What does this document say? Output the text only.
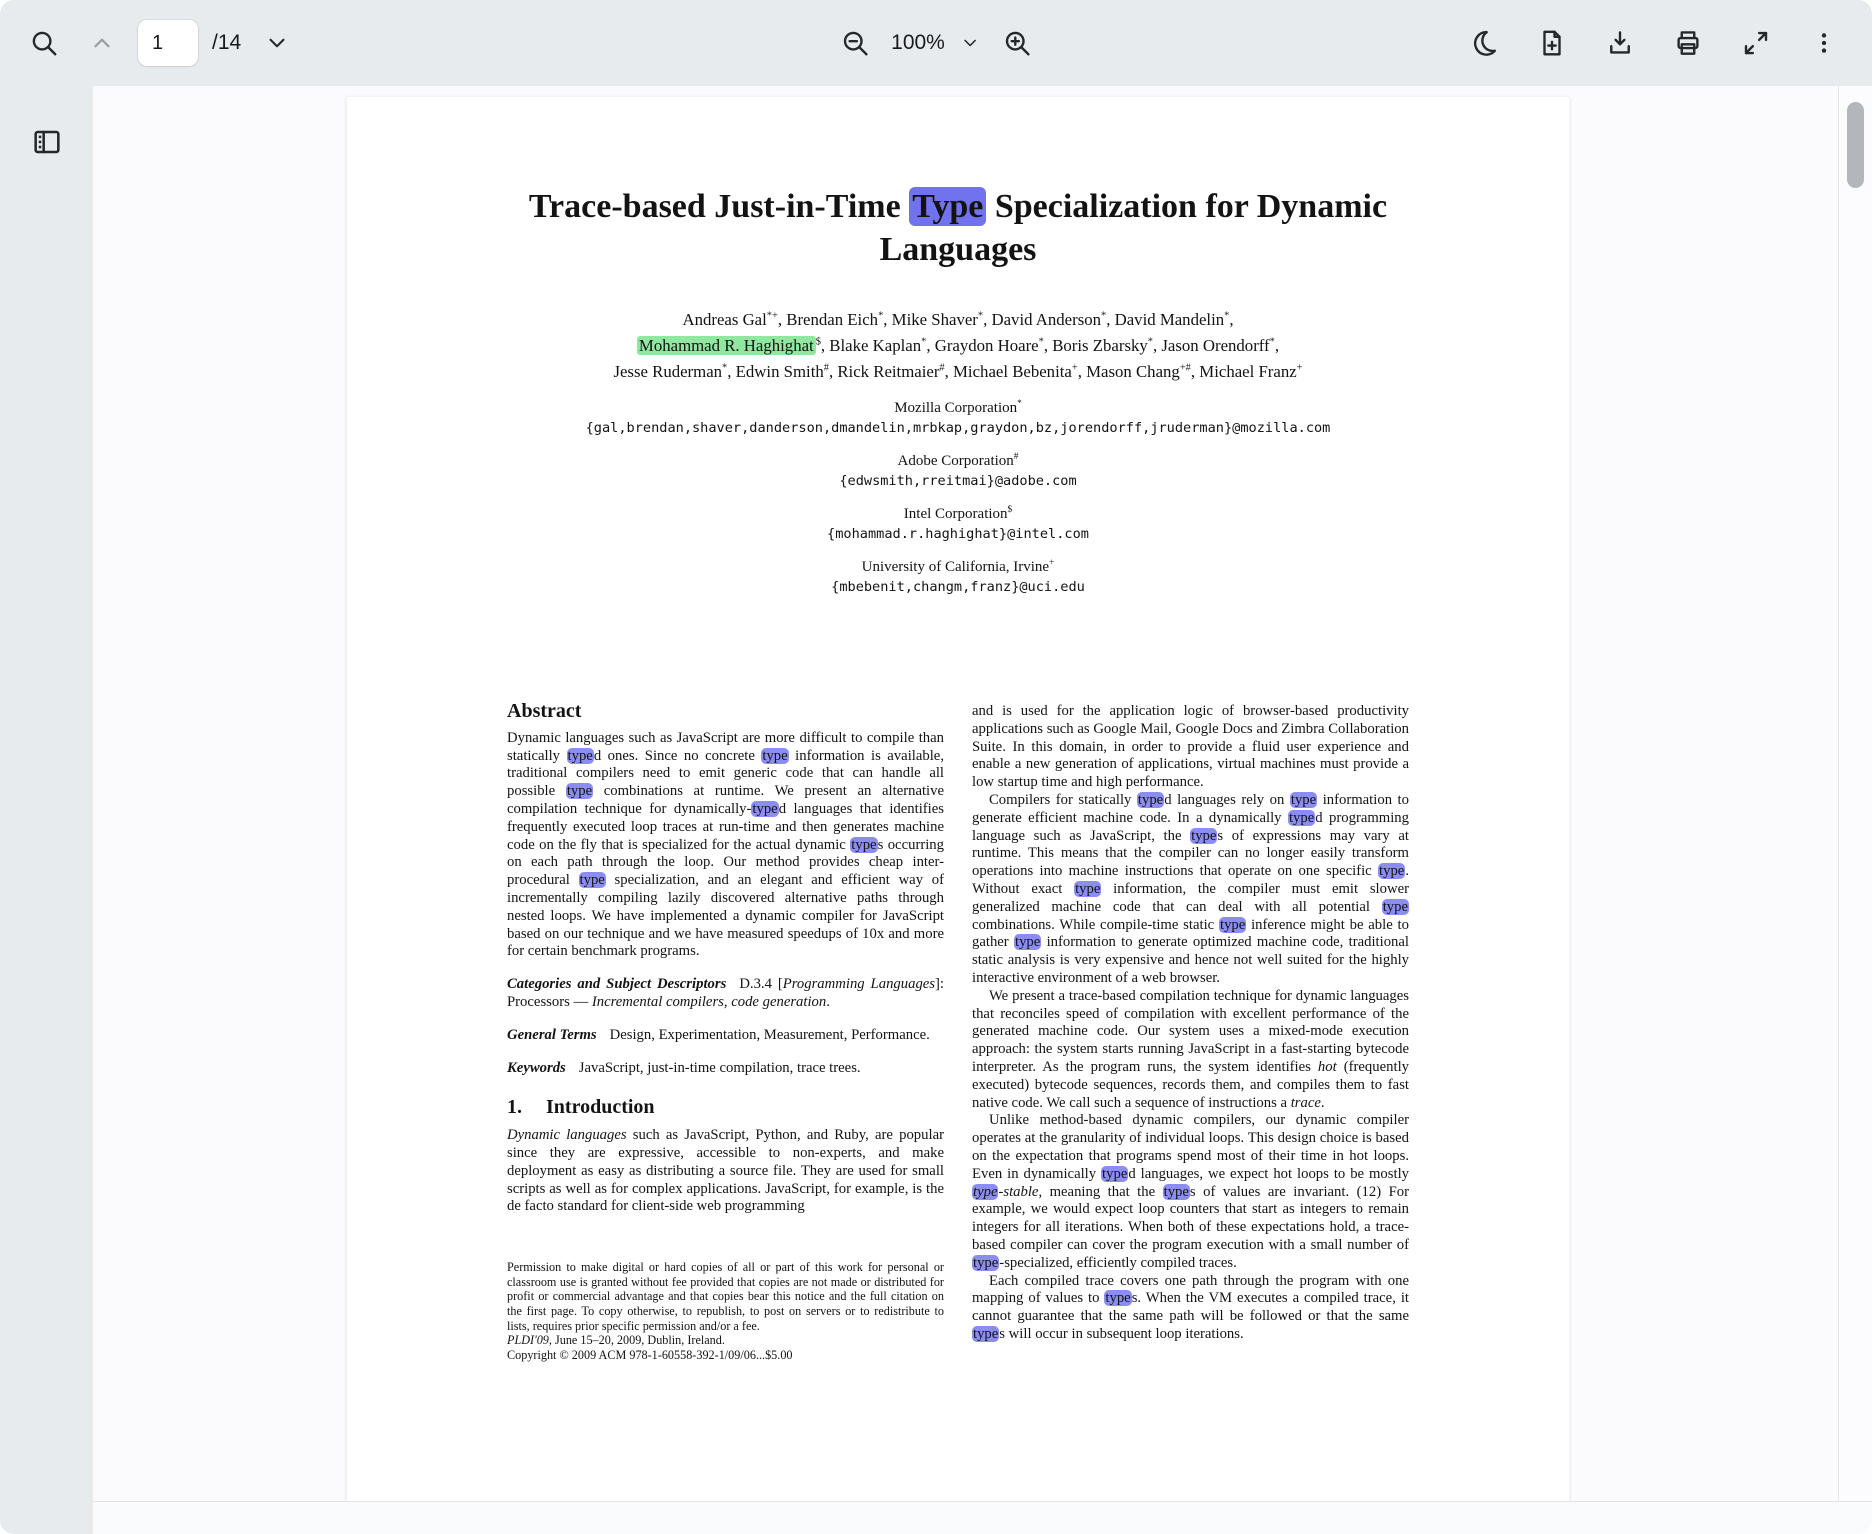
1
/14	100%
Trace-based Just-in-Time Type Specialization for Dynamic
Languages
Andreas Gal*+, Brendan Eich*, Mike Shaver*, David Anderson*, David Mandelin*,
Mohammad R. Haghighat $, Blake Kaplan*, Graydon Hoare*, Boris Zbarsky*, Jason Orendorff*,
Jesse Ruderman*, Edwin Smith#, Rick Reitmaier#, Michael Bebenita+, Mason Chang+#, Michael Franz+
Mozilla Corporation*
{gal,brendan,shaver,danderson,dmandelin,mrbkap,graydon,bz,jorendorff,jruderman}@mozilla.com
Adobe Corporation#
{edwsmith,rreitmai}@adobe.com
Intel Corporation$
{mohammad.r.haghighat}@intel.com
University of California, Irvine+
{mbebenit,changm,franz}@uci.edu
Abstract

Dynamic languages such as JavaScript are more difficult to compile than statically typed ones. Since no concrete type information is available, traditional compilers need to emit generic code that can handle all possible type combinations at runtime. We present an alternative compilation technique for dynamically-typed languages that identifies frequently executed loop traces at run-time and then generates machine code on the fly that is specialized for the actual dynamic types occurring on each path through the loop. Our method provides cheap inter-procedural type specialization, and an elegant and efficient way of incrementally compiling lazily discovered alternative paths through nested loops. We have implemented a dynamic compiler for JavaScript based on our technique and we have measured speedups of 10x and more for certain benchmark programs.

Categories and Subject Descriptors D.3.4 [Programming Languages]: Processors — Incremental compilers, code generation.

General Terms Design, Experimentation, Measurement, Performance.

Keywords JavaScript, just-in-time compilation, trace trees.

1. Introduction

Dynamic languages such as JavaScript, Python, and Ruby, are popular since they are expressive, accessible to non-experts, and make deployment as easy as distributing a source file. They are used for small scripts as well as for complex applications. JavaScript, for example, is the de facto standard for client-side web programming

Permission to make digital or hard copies of all or part of this work for personal or classroom use is granted without fee provided that copies are not made or distributed for profit or commercial advantage and that copies bear this notice and the full citation on the first page. To copy otherwise, to republish, to post on servers or to redistribute to lists, requires prior specific permission and/or a fee.

PLDI'09, June 15–20, 2009, Dublin, Ireland.

Copyright © 2009 ACM 978-1-60558-392-1/09/06...$5.00

and is used for the application logic of browser-based productivity applications such as Google Mail, Google Docs and Zimbra Collaboration Suite. In this domain, in order to provide a fluid user experience and enable a new generation of applications, virtual machines must provide a low startup time and high performance.

Compilers for statically typed languages rely on type information to generate efficient machine code. In a dynamically typed programming language such as JavaScript, the types of expressions may vary at runtime. This means that the compiler can no longer easily transform operations into machine instructions that operate on one specific type. Without exact type information, the compiler must emit slower generalized machine code that can deal with all potential type combinations. While compile-time static type inference might be able to gather type information to generate optimized machine code, traditional static analysis is very expensive and hence not well suited for the highly interactive environment of a web browser.

We present a trace-based compilation technique for dynamic languages that reconciles speed of compilation with excellent performance of the generated machine code. Our system uses a mixed-mode execution approach: the system starts running JavaScript in a fast-starting bytecode interpreter. As the program runs, the system identifies hot (frequently executed) bytecode sequences, records them, and compiles them to fast native code. We call such a sequence of instructions a trace.

Unlike method-based dynamic compilers, our dynamic compiler operates at the granularity of individual loops. This design choice is based on the expectation that programs spend most of their time in hot loops. Even in dynamically typed languages, we expect hot loops to be mostly type-stable, meaning that the types of values are invariant. (12) For example, we would expect loop counters that start as integers to remain integers for all iterations. When both of these expectations hold, a trace-based compiler can cover the program execution with a small number of type-specialized, efficiently compiled traces.

Each compiled trace covers one path through the program with one mapping of values to types. When the VM executes a compiled trace, it cannot guarantee that the same path will be followed or that the same types will occur in subsequent loop iterations.
